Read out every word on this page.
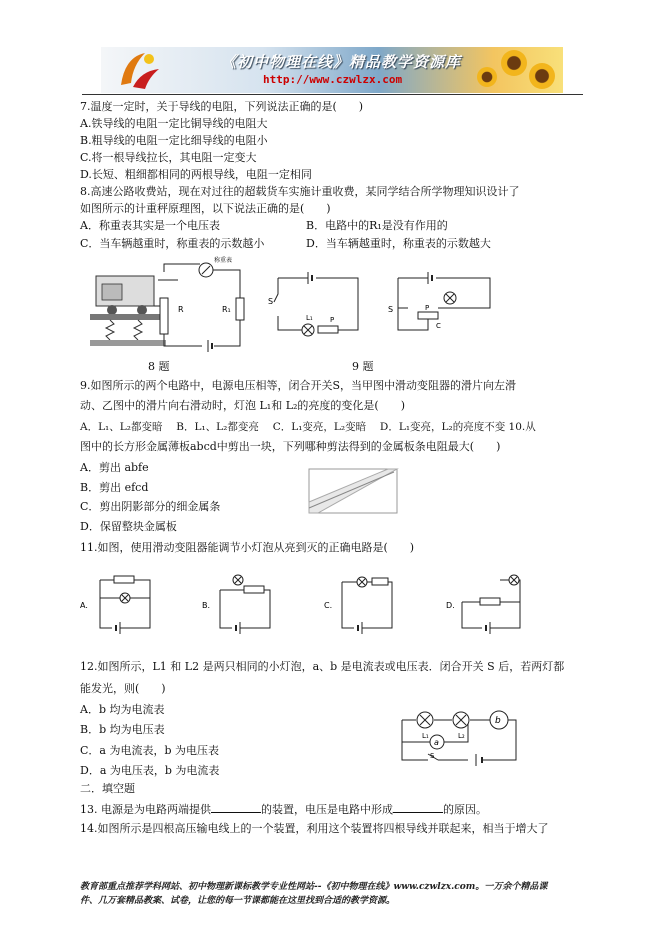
《初中物理在线》精品教学资源库
http://www.czwlzx.com
7.温度一定时，关于导线的电阻，下列说法正确的是(　　)
A.铁导线的电阻一定比铜导线的电阻大
B.粗导线的电阻一定比细导线的电阻小
C.将一根导线拉长，其电阻一定变大
D.长短、粗细都相同的两根导线，电阻一定相同
8.高速公路收费站，现在对过往的超载货车实施计重收费，某同学结合所学物理知识设计了
如图所示的计重秤原理图，以下说法正确的是(　　)
A．称重表其实是一个电压表	B．电路中的R₁是没有作用的
C．当车辆越重时，称重表的示数越小	D．当车辆越重时，称重表的示数越大
R	R₁
称重表
S
L₁ P
S	P
C
8 题	9 题
9.如图所示的两个电路中，电源电压相等，闭合开关S，当甲图中滑动变阻器的滑片向左滑
动、乙图中的滑片向右滑动时，灯泡 L₁和 L₂的亮度的变化是(　　)
A．L₁、L₂都变暗　 B．L₁、L₂都变亮　 C．L₁变亮，L₂变暗　 D．L₁变亮，L₂的亮度不变 10.从
图中的长方形金属薄板abcd中剪出一块，下列哪种剪法得到的金属板条电阻最大(　　)
A．剪出 abfe
B．剪出 efcd
C．剪出阴影部分的细金属条
D．保留整块金属板
11.如图，使用滑动变阻器能调节小灯泡从亮到灭的正确电路是(　　)
A.	B.	C.	D.
12.如图所示，L1 和 L2 是两只相同的小灯泡，a、b 是电流表或电压表．闭合开关 S 后，若两灯都
能发光，则(　　)
A．b 均为电流表
B．b 均为电压表
C．a 为电流表，b 为电压表
D．a 为电压表，b 为电流表
b
a
L₁	L₂
S
二．填空题
13. 电源是为电路两端提供	的装置，电压是电路中形成	的原因。
14.如图所示是四根高压输电线上的一个装置，利用这个装置将四根导线并联起来，相当于增大了
教育部重点推荐学科网站、初中物理新课标教学专业性网站--《初中物理在线》www.czwlzx.com。一万余个精品课
件、几万套精品教案、试卷，让您的每一节课都能在这里找到合适的教学资源。
